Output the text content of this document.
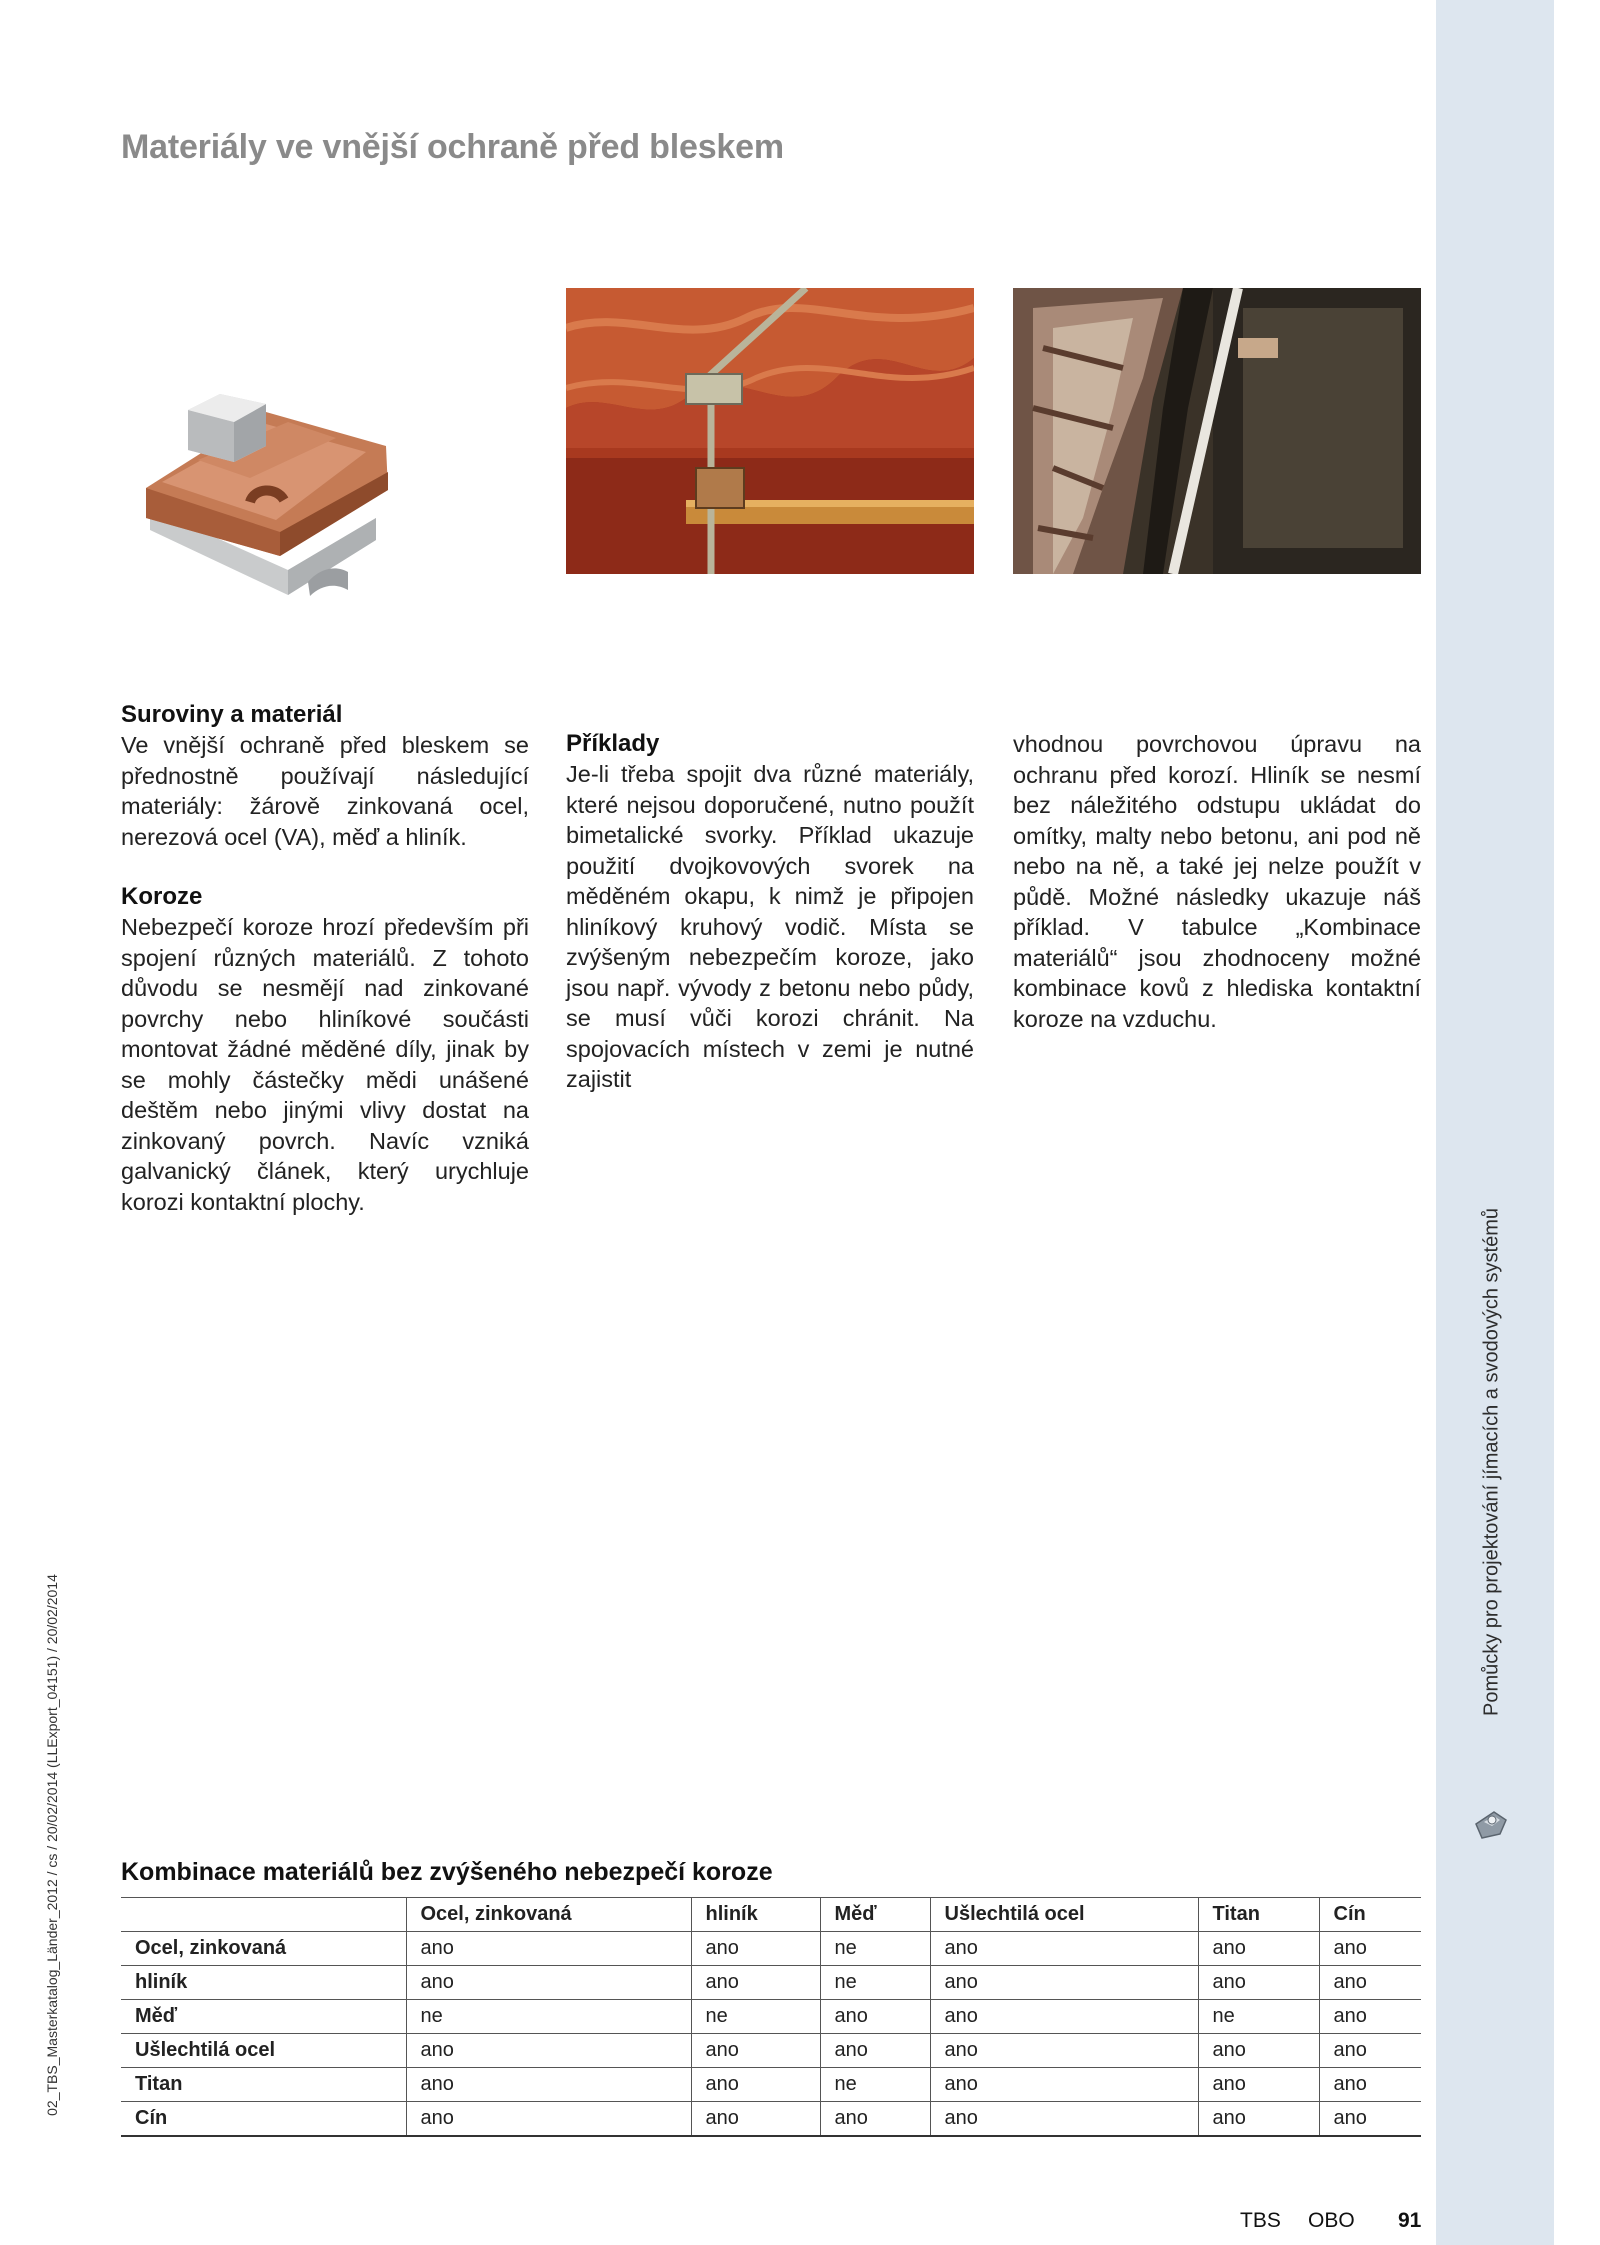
Pomůcky pro projektování jímacích a svodových systémů
02_TBS_Masterkatalog_Länder_2012 / cs / 20/02/2014 (LLExport_04151) / 20/02/2014
Materiály ve vnější ochraně před bleskem
Suroviny a materiál

Ve vnější ochraně před bleskem se přednostně používají následující materiály: žárově zinkovaná ocel, nerezová ocel (VA), měď a hliník.

Koroze

Nebezpečí koroze hrozí především při spojení různých materiálů. Z tohoto důvodu se nesmějí nad zinkované povrchy nebo hliníkové součásti montovat žádné měděné díly, jinak by se mohly částečky mědi unášené deštěm nebo jinými vlivy dostat na zinkovaný povrch. Navíc vzniká galvanický článek, který urychluje korozi kontaktní plochy.

Příklady

Je-li třeba spojit dva různé materiály, které nejsou doporučené, nutno použít bimetalické svorky. Příklad ukazuje použití dvojkovových svorek na měděném okapu, k nimž je připojen hliníkový kruhový vodič. Místa se zvýšeným nebezpečím koroze, jako jsou např. vývody z betonu nebo půdy, se musí vůči korozi chránit. Na spojovacích místech v zemi je nutné zajistit

vhodnou povrchovou úpravu na ochranu před korozí. Hliník se nesmí bez náležitého odstupu ukládat do omítky, malty nebo betonu, ani pod ně nebo na ně, a také jej nelze použít v půdě. Možné následky ukazuje náš příklad. V tabulce „Kombinace materiálů“ jsou zhodnoceny možné kombinace kovů z hlediska kontaktní koroze na vzduchu.

Kombinace materiálů bez zvýšeného nebezpečí koroze
	Ocel, zinkovaná	hliník	Měď	Ušlechtilá ocel	Titan	Cín
Ocel, zinkovaná	ano	ano	ne	ano	ano	ano
hliník	ano	ano	ne	ano	ano	ano
Měď	ne	ne	ano	ano	ne	ano
Ušlechtilá ocel	ano	ano	ano	ano	ano	ano
Titan	ano	ano	ne	ano	ano	ano
Cín	ano	ano	ano	ano	ano	ano
TBS OBO 91
